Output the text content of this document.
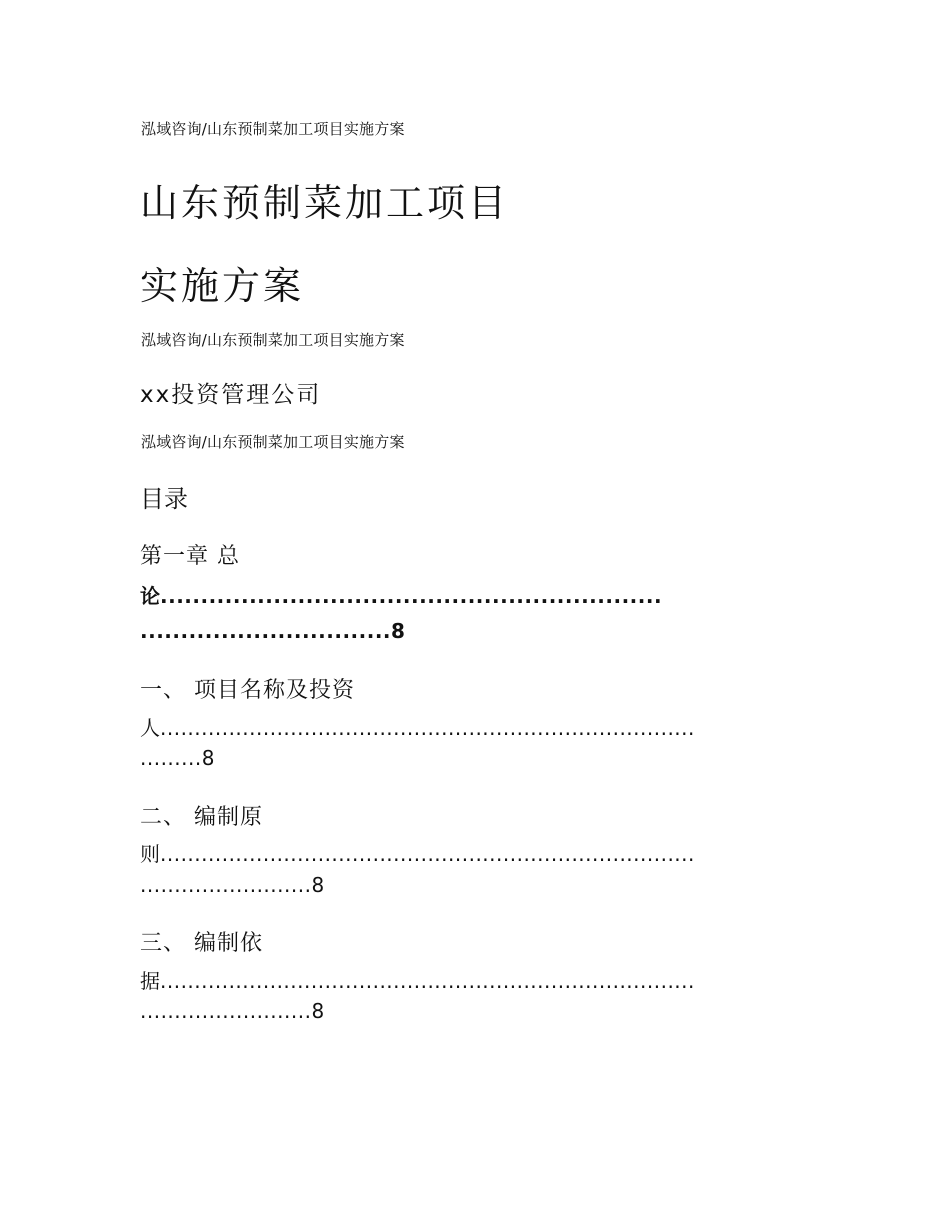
泓域咨询/山东预制菜加工项目实施方案

山东预制菜加工项目
实施方案

泓域咨询/山东预制菜加工项目实施方案

xx投资管理公司

泓域咨询/山东预制菜加工项目实施方案

目录

第一章 总

论..............................................................

...............................8

一、 项目名称及投资

人..............................................................................

.........8

二、 编制原

则..............................................................................

.........................8

三、 编制依

据..............................................................................

.........................8
